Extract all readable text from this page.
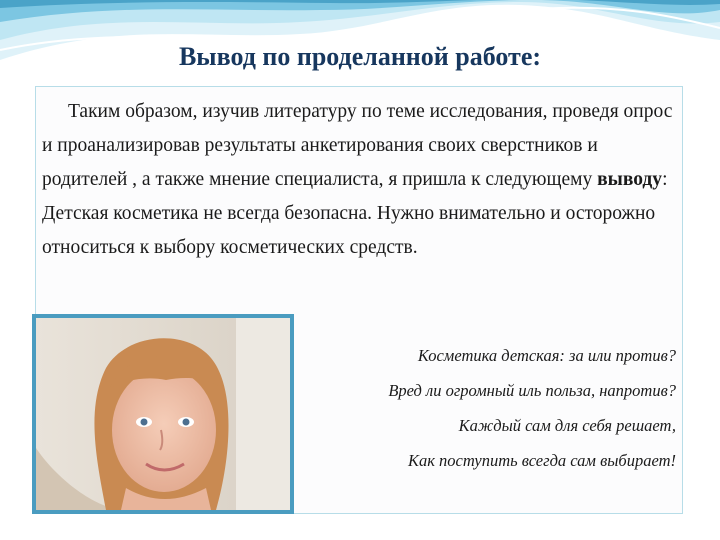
Вывод по проделанной работе:

Таким образом, изучив литературу по теме исследования, проведя опрос и проанализировав результаты анкетирования своих сверстников и родителей , а также мнение специалиста, я пришла к следующему выводу: Детская косметика не всегда безопасна. Нужно внимательно и осторожно относиться к выбору косметических средств.

Косметика детская: за или против?
Вред ли огромный иль польза, напротив?
Каждый сам для себя решает,
Как поступить всегда сам выбирает!
